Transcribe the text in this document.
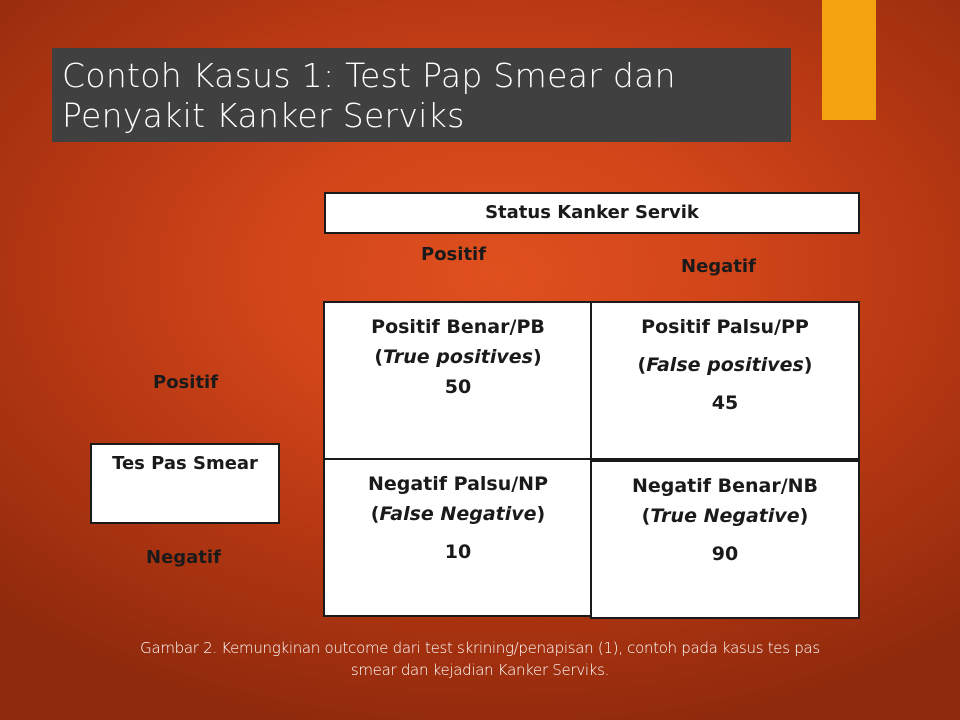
Contoh Kasus 1: Test Pap Smear dan
Penyakit Kanker Serviks
Status Kanker Servik
Positif
Negatif
Positif
Tes Pas Smear
Negatif

Positif Benar/PB

(True positives)

50

Positif Palsu/PP

(False positives)

45

Negatif Palsu/NP

(False Negative)

10

Negatif Benar/NB

(True Negative)

90

Gambar 2. Kemungkinan outcome dari test skrining/penapisan (1), contoh pada kasus tes pas
smear dan kejadian Kanker Serviks.
